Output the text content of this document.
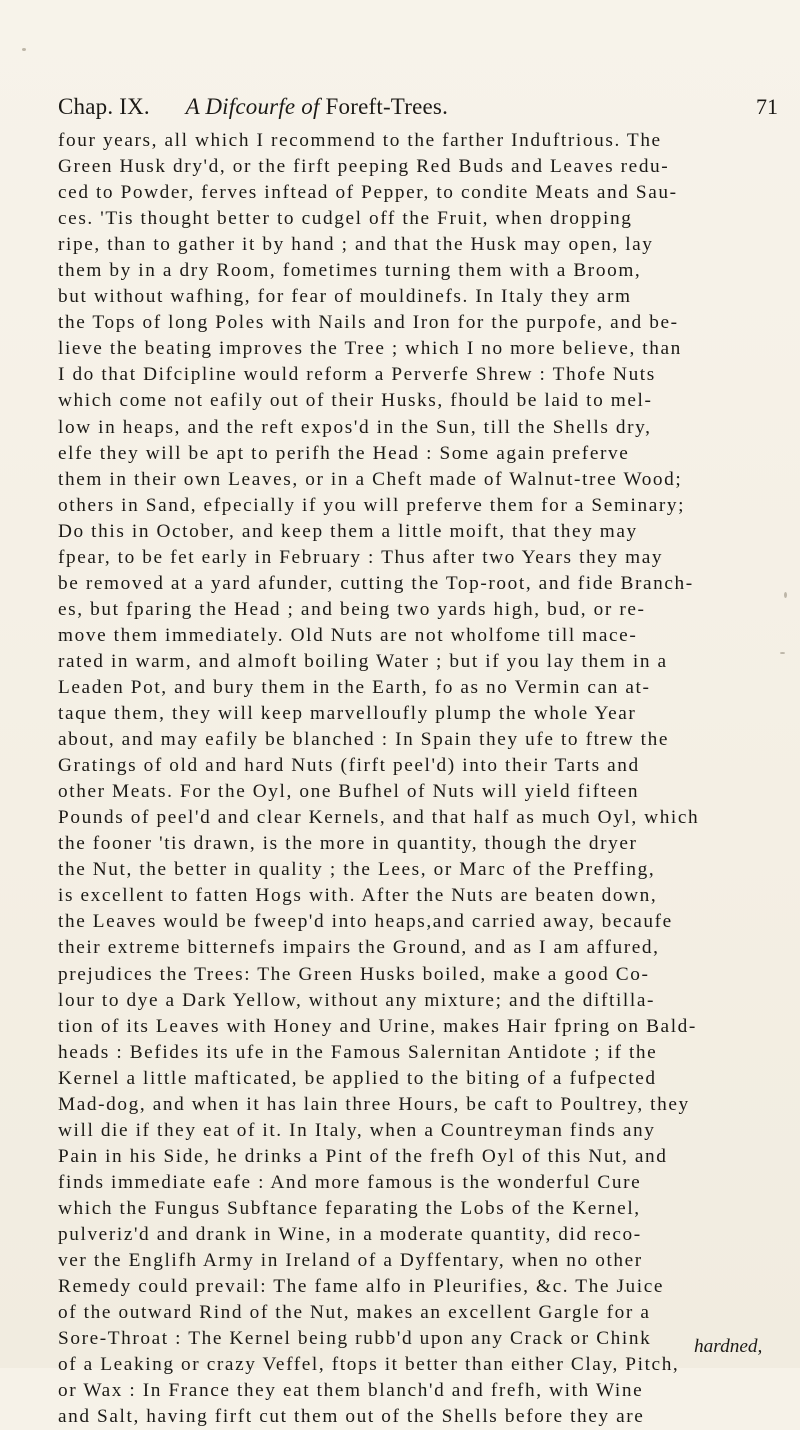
Chap. IX. A Difcourfe of Foreft-Trees.	71
four years, all which I recommend to the farther Induftrious. The
Green Husk dry'd, or the firft peeping Red Buds and Leaves redu-
ced to Powder, ferves inftead of Pepper, to condite Meats and Sau-
ces. 'Tis thought better to cudgel off the Fruit, when dropping
ripe, than to gather it by hand ; and that the Husk may open, lay
them by in a dry Room, fometimes turning them with a Broom,
but without wafhing, for fear of mouldinefs. In Italy they arm
the Tops of long Poles with Nails and Iron for the purpofe, and be-
lieve the beating improves the Tree ; which I no more believe, than
I do that Difcipline would reform a Perverfe Shrew : Thofe Nuts
which come not eafily out of their Husks, fhould be laid to mel-
low in heaps, and the reft expos'd in the Sun, till the Shells dry,
elfe they will be apt to perifh the Head : Some again preferve
them in their own Leaves, or in a Cheft made of Walnut-tree Wood;
others in Sand, efpecially if you will preferve them for a Seminary;
Do this in October, and keep them a little moift, that they may
fpear, to be fet early in February : Thus after two Years they may
be removed at a yard afunder, cutting the Top-root, and fide Branch-
es, but fparing the Head ; and being two yards high, bud, or re-
move them immediately. Old Nuts are not wholfome till mace-
rated in warm, and almoft boiling Water ; but if you lay them in a
Leaden Pot, and bury them in the Earth, fo as no Vermin can at-
taque them, they will keep marvelloufly plump the whole Year
about, and may eafily be blanched : In Spain they ufe to ftrew the
Gratings of old and hard Nuts (firft peel'd) into their Tarts and
other Meats. For the Oyl, one Bufhel of Nuts will yield fifteen
Pounds of peel'd and clear Kernels, and that half as much Oyl, which
the fooner 'tis drawn, is the more in quantity, though the dryer
the Nut, the better in quality ; the Lees, or Marc of the Preffing,
is excellent to fatten Hogs with. After the Nuts are beaten down,
the Leaves would be fweep'd into heaps,and carried away, becaufe
their extreme bitternefs impairs the Ground, and as I am affured,
prejudices the Trees: The Green Husks boiled, make a good Co-
lour to dye a Dark Yellow, without any mixture; and the diftilla-
tion of its Leaves with Honey and Urine, makes Hair fpring on Bald-
heads : Befides its ufe in the Famous Salernitan Antidote ; if the
Kernel a little mafticated, be applied to the biting of a fufpected
Mad-dog, and when it has lain three Hours, be caft to Poultrey, they
will die if they eat of it. In Italy, when a Countreyman finds any
Pain in his Side, he drinks a Pint of the frefh Oyl of this Nut, and
finds immediate eafe : And more famous is the wonderful Cure
which the Fungus Subftance feparating the Lobs of the Kernel,
pulveriz'd and drank in Wine, in a moderate quantity, did reco-
ver the Englifh Army in Ireland of a Dyffentary, when no other
Remedy could prevail: The fame alfo in Pleurifies, &c. The Juice
of the outward Rind of the Nut, makes an excellent Gargle for a
Sore-Throat : The Kernel being rubb'd upon any Crack or Chink
of a Leaking or crazy Veffel, ftops it better than either Clay, Pitch,
or Wax : In France they eat them blanch'd and frefh, with Wine
and Salt, having firft cut them out of the Shells before they are
hardned,
